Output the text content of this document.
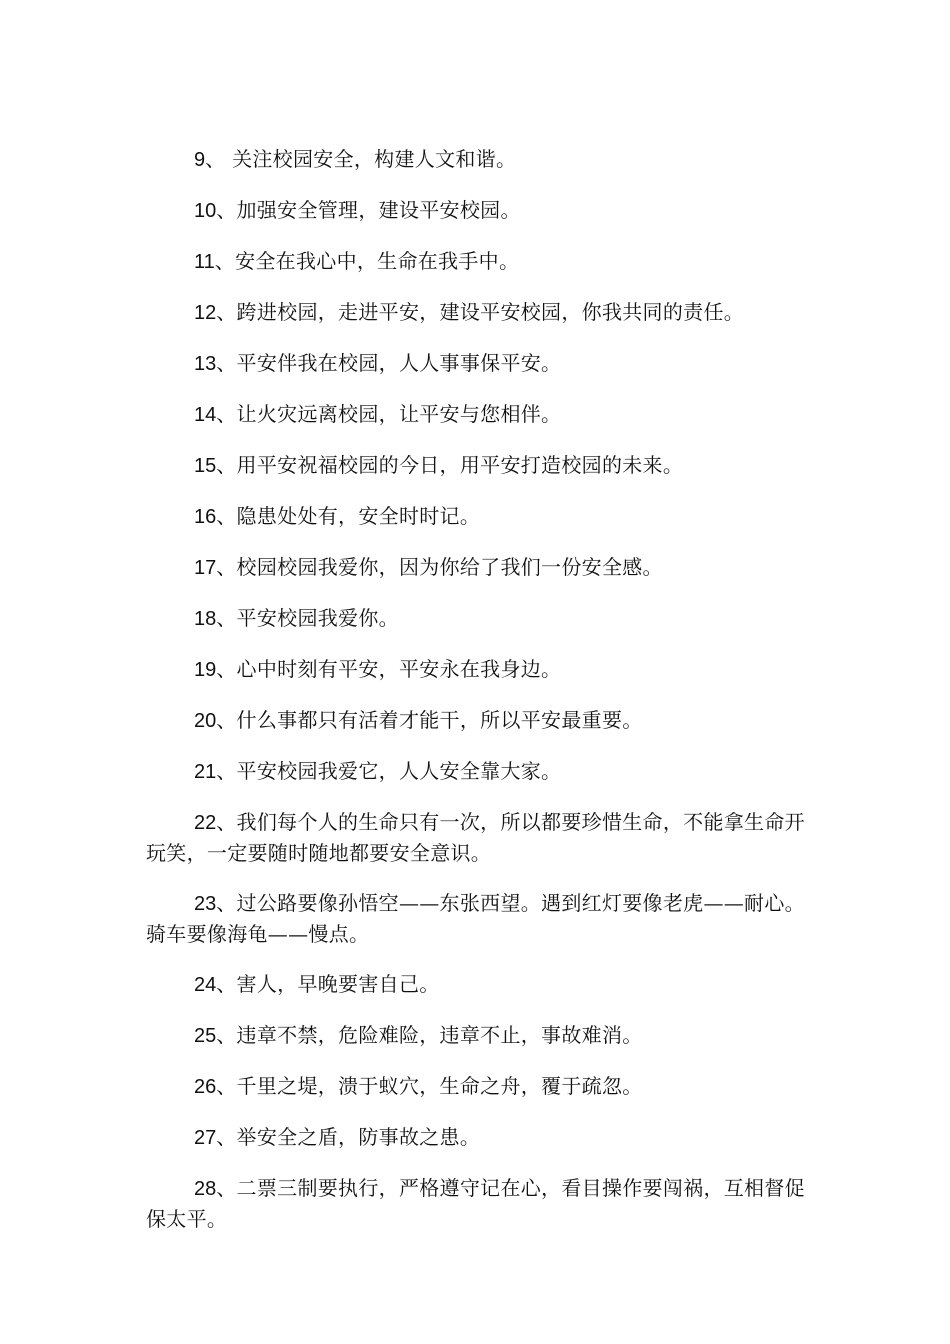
9、 关注校园安全，构建人文和谐。

10、加强安全管理，建设平安校园。

11、安全在我心中，生命在我手中。

12、跨进校园，走进平安，建设平安校园，你我共同的责任。

13、平安伴我在校园，人人事事保平安。

14、让火灾远离校园，让平安与您相伴。

15、用平安祝福校园的今日，用平安打造校园的未来。

16、隐患处处有，安全时时记。

17、校园校园我爱你，因为你给了我们一份安全感。

18、平安校园我爱你。

19、心中时刻有平安，平安永在我身边。

20、什么事都只有活着才能干，所以平安最重要。

21、平安校园我爱它，人人安全靠大家。

22、我们每个人的生命只有一次，所以都要珍惜生命，不能拿生命开玩笑，一定要随时随地都要安全意识。

23、过公路要像孙悟空——东张西望。遇到红灯要像老虎——耐心。骑车要像海龟——慢点。

24、害人，早晚要害自己。

25、违章不禁，危险难险，违章不止，事故难消。

26、千里之堤，溃于蚁穴，生命之舟，覆于疏忽。

27、举安全之盾，防事故之患。

28、二票三制要执行，严格遵守记在心，看目操作要闯祸，互相督促保太平。
